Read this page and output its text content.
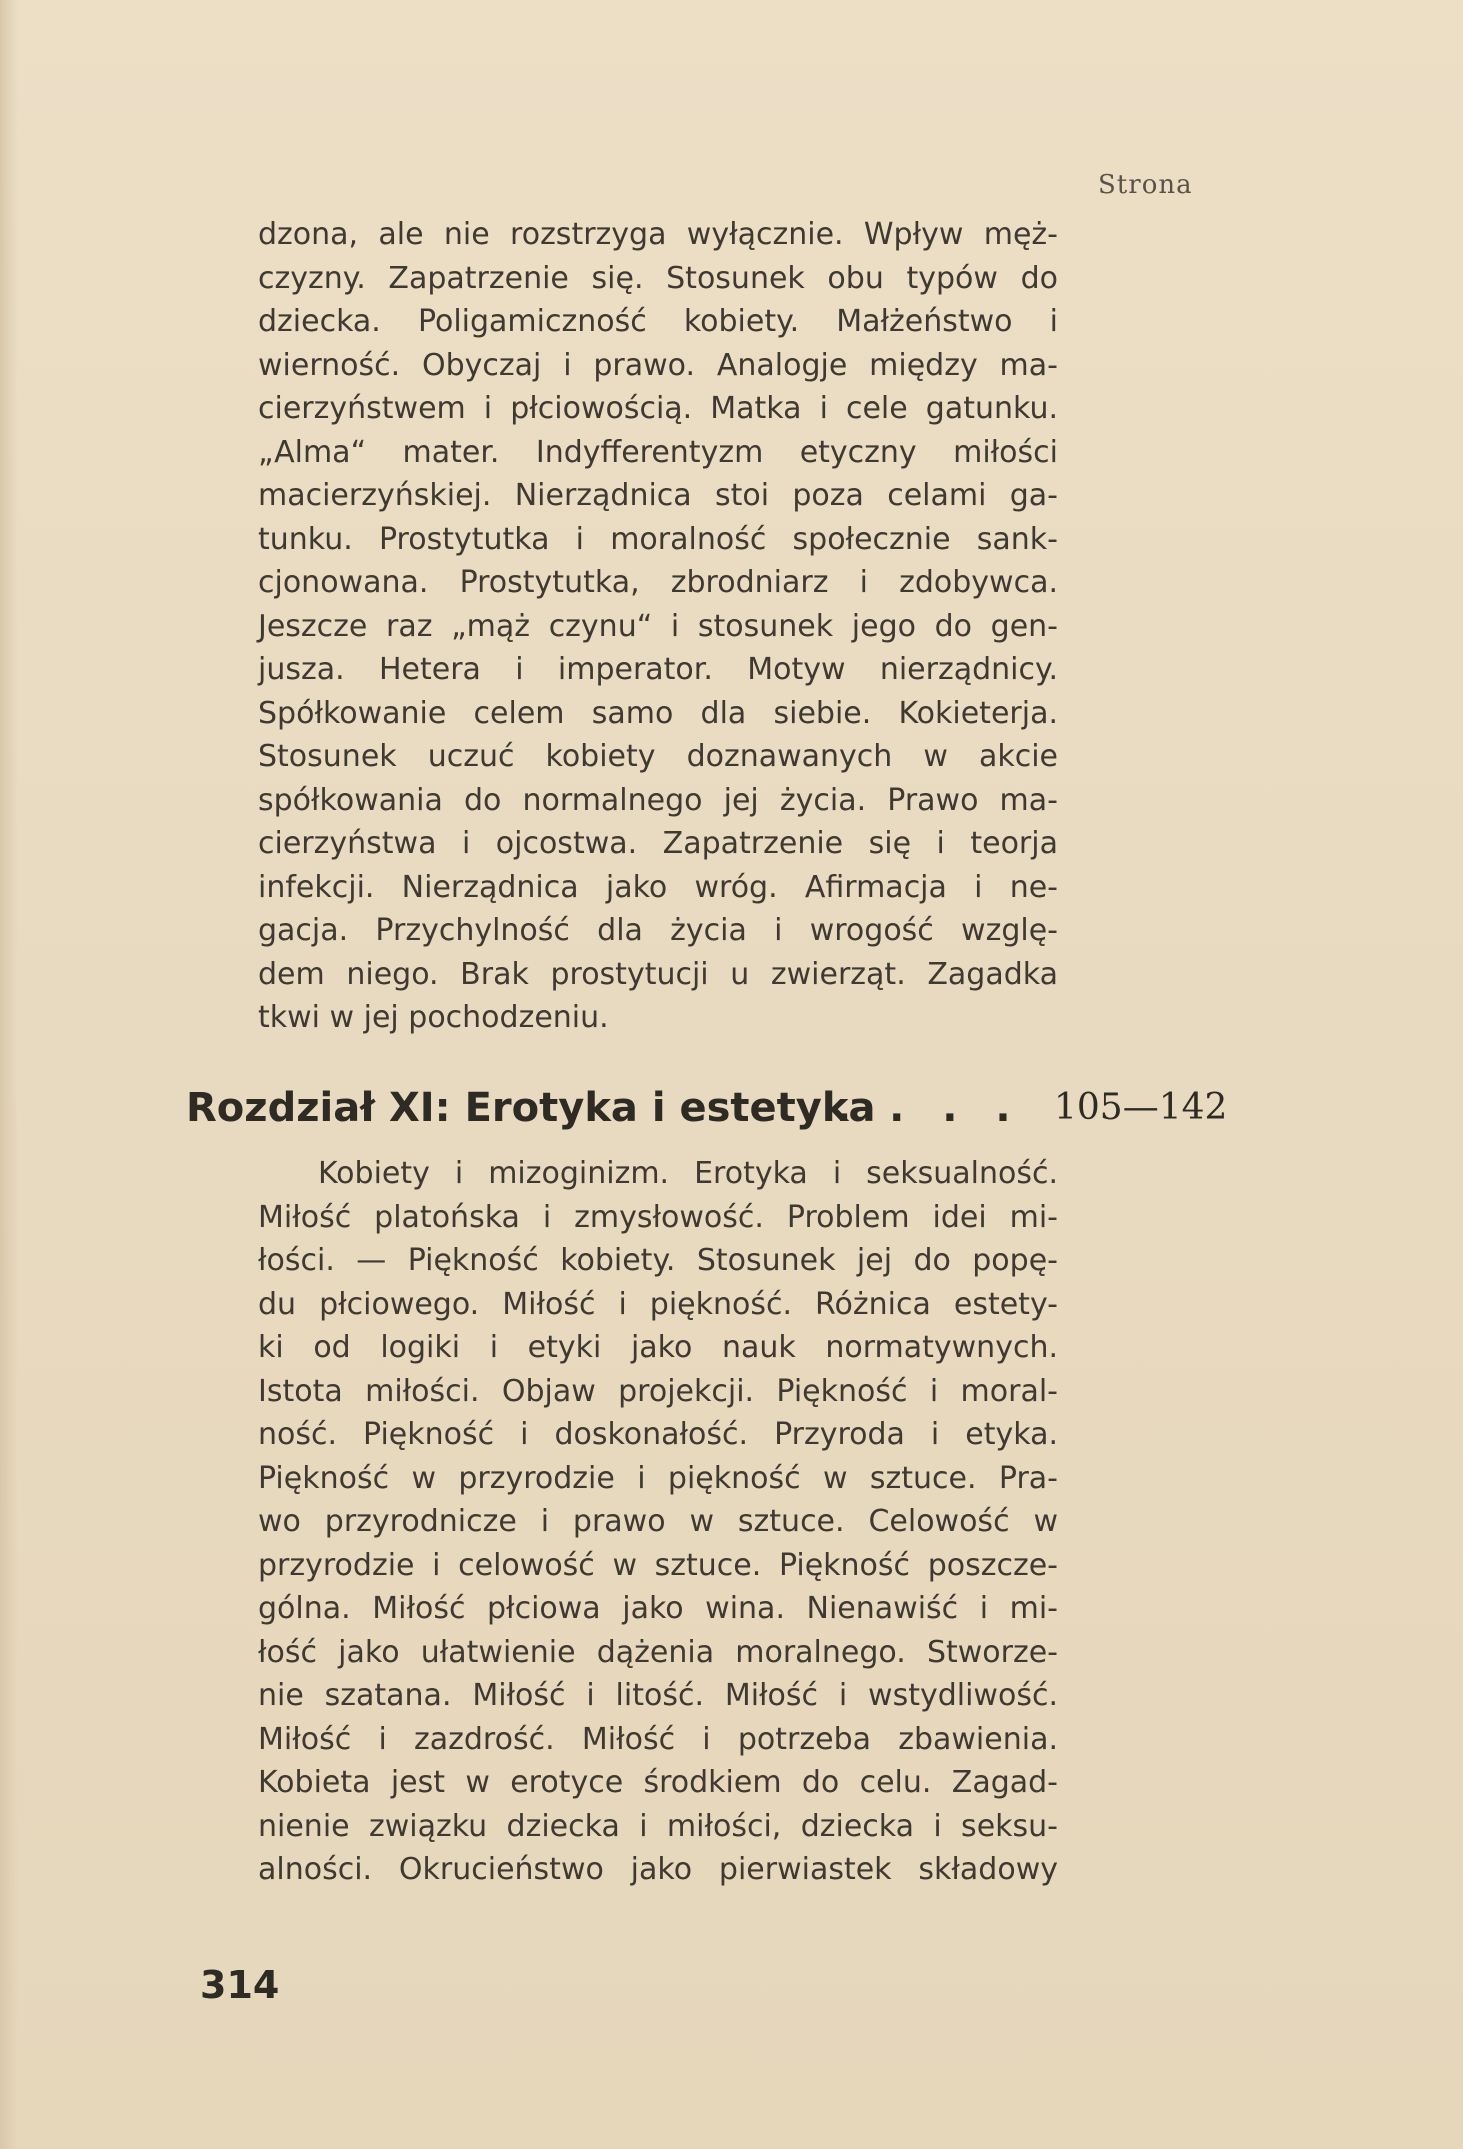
Strona
dzona, ale nie rozstrzyga wyłącznie. Wpływ męż-
czyzny. Zapatrzenie się. Stosunek obu typów do
dziecka. Poligamiczność kobiety. Małżeństwo i
wierność. Obyczaj i prawo. Analogje między ma-
cierzyństwem i płciowością. Matka i cele gatunku.
„Alma“ mater. Indyfferentyzm etyczny miłości
macierzyńskiej. Nierządnica stoi poza celami ga-
tunku. Prostytutka i moralność społecznie sank-
cjonowana. Prostytutka, zbrodniarz i zdobywca.
Jeszcze raz „mąż czynu“ i stosunek jego do gen-
jusza. Hetera i imperator. Motyw nierządnicy.
Spółkowanie celem samo dla siebie. Kokieterja.
Stosunek uczuć kobiety doznawanych w akcie
spółkowania do normalnego jej życia. Prawo ma-
cierzyństwa i ojcostwa. Zapatrzenie się i teorja
infekcji. Nierządnica jako wróg. Afirmacja i ne-
gacja. Przychylność dla życia i wrogość wzglę-
dem niego. Brak prostytucji u zwierząt. Zagadka
tkwi w jej pochodzeniu.
Rozdział XI: Erotyka i estetyka
. . . . 105—142
Kobiety i mizoginizm. Erotyka i seksualność.
Miłość platońska i zmysłowość. Problem idei mi-
łości. — Piękność kobiety. Stosunek jej do popę-
du płciowego. Miłość i piękność. Różnica estety-
ki od logiki i etyki jako nauk normatywnych.
Istota miłości. Objaw projekcji. Piękność i moral-
ność. Piękność i doskonałość. Przyroda i etyka.
Piękność w przyrodzie i piękność w sztuce. Pra-
wo przyrodnicze i prawo w sztuce. Celowość w
przyrodzie i celowość w sztuce. Piękność poszcze-
gólna. Miłość płciowa jako wina. Nienawiść i mi-
łość jako ułatwienie dążenia moralnego. Stworze-
nie szatana. Miłość i litość. Miłość i wstydliwość.
Miłość i zazdrość. Miłość i potrzeba zbawienia.
Kobieta jest w erotyce środkiem do celu. Zagad-
nienie związku dziecka i miłości, dziecka i seksu-
alności. Okrucieństwo jako pierwiastek składowy
314
